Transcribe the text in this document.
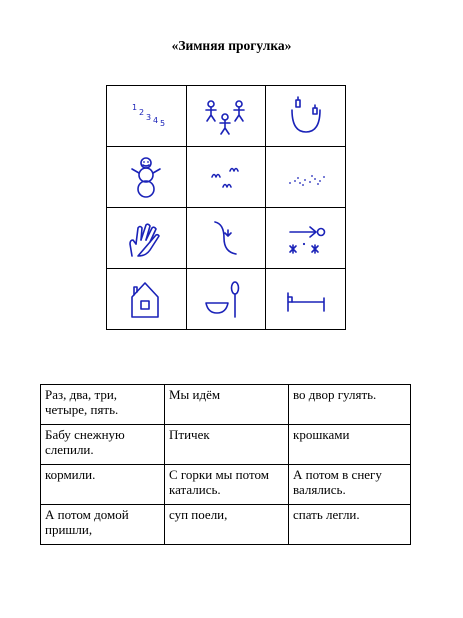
«Зимняя прогулка»
1
2
3 4 5

Раз, два, три, четыре, пять.	Мы идём	во двор гулять.
Бабу снежную слепили.	Птичек	крошками
кормили.	С горки мы потом катались.	А потом в снегу валялись.
А потом домой пришли,	суп поели,	спать легли.
